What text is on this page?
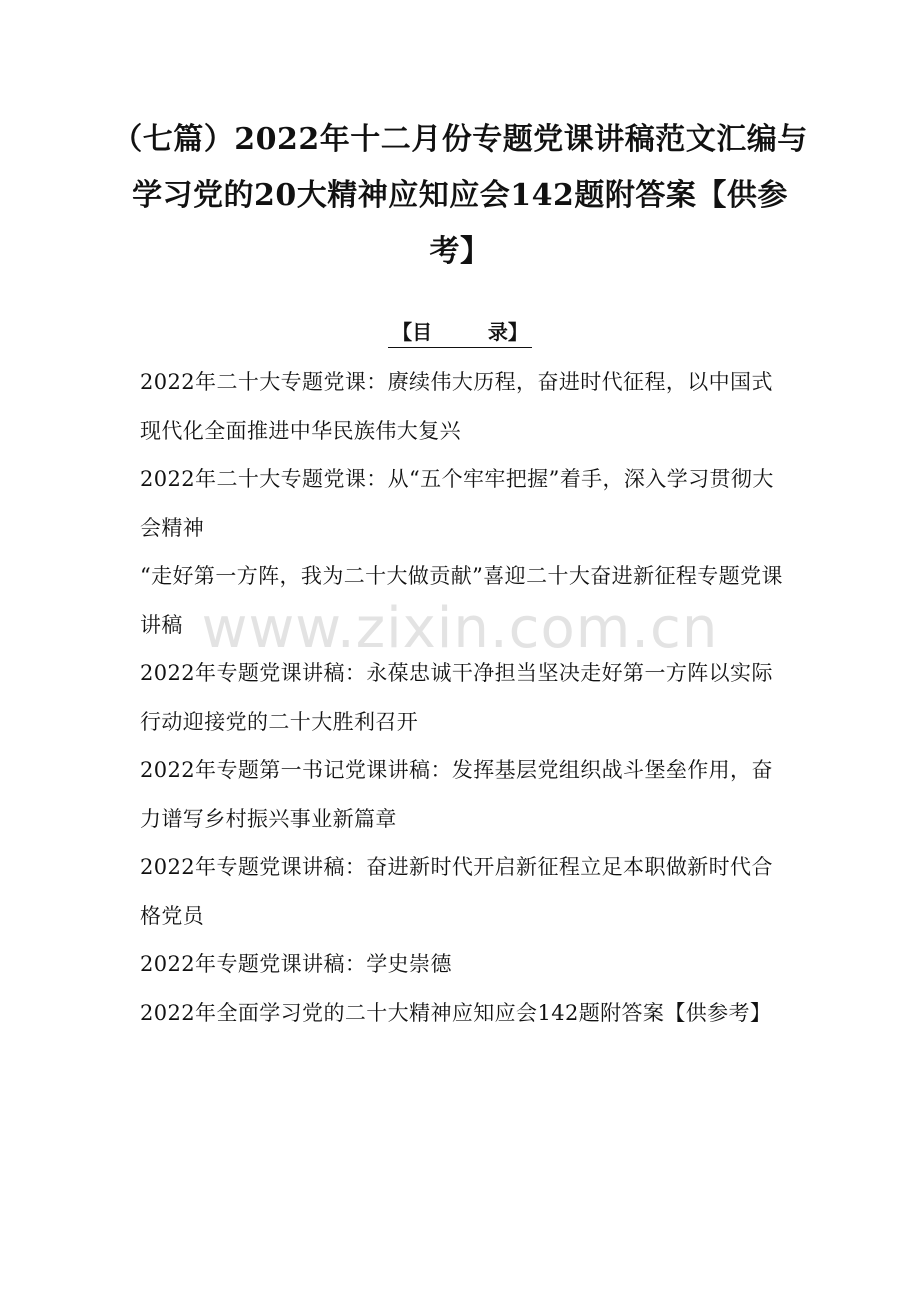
（七篇）2022年十二月份专题党课讲稿范文汇编与学习党的20大精神应知应会142题附答案【供参考】
【目        录】

2022年二十大专题党课：赓续伟大历程，奋进时代征程，以中国式现代化全面推进中华民族伟大复兴

2022年二十大专题党课：从“五个牢牢把握”着手，深入学习贯彻大会精神

“走好第一方阵，我为二十大做贡献”喜迎二十大奋进新征程专题党课讲稿

2022年专题党课讲稿：永葆忠诚干净担当坚决走好第一方阵以实际行动迎接党的二十大胜利召开

2022年专题第一书记党课讲稿：发挥基层党组织战斗堡垒作用，奋力谱写乡村振兴事业新篇章

2022年专题党课讲稿：奋进新时代开启新征程立足本职做新时代合格党员

2022年专题党课讲稿：学史崇德

2022年全面学习党的二十大精神应知应会142题附答案【供参考】

www.zixin.com.cn
